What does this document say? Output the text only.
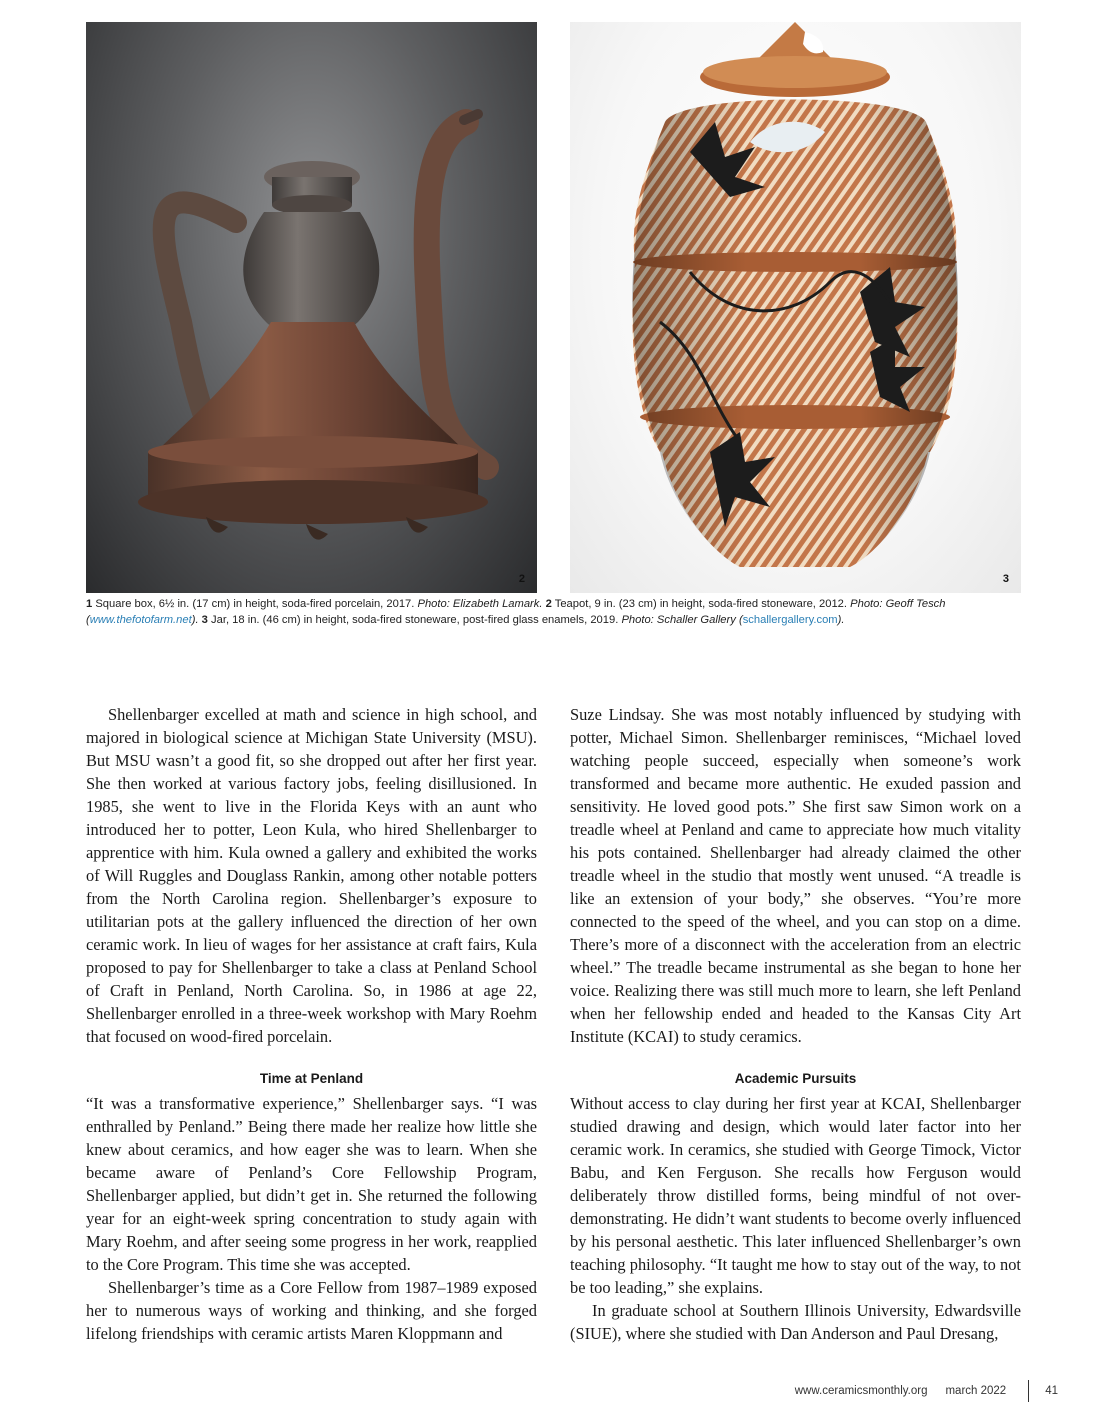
2	3
1 Square box, 6½ in. (17 cm) in height, soda-fired porcelain, 2017. Photo: Elizabeth Lamark. 2 Teapot, 9 in. (23 cm) in height, soda-fired stoneware, 2012. Photo: Geoff Tesch (www.thefotofarm.net). 3 Jar, 18 in. (46 cm) in height, soda-fired stoneware, post-fired glass enamels, 2019. Photo: Schaller Gallery (schallergallery.com).

Shellenbarger excelled at math and science in high school, and majored in biological science at Michigan State University (MSU). But MSU wasn’t a good fit, so she dropped out after her first year. She then worked at various factory jobs, feeling disillusioned. In 1985, she went to live in the Florida Keys with an aunt who introduced her to potter, Leon Kula, who hired Shellenbarger to apprentice with him. Kula owned a gallery and exhibited the works of Will Ruggles and Douglass Rankin, among other notable potters from the North Carolina region. Shellenbarger’s exposure to utilitarian pots at the gallery influenced the direction of her own ceramic work. In lieu of wages for her assistance at craft fairs, Kula proposed to pay for Shellenbarger to take a class at Penland School of Craft in Penland, North Carolina. So, in 1986 at age 22, Shellenbarger enrolled in a three-week workshop with Mary Roehm that focused on wood-fired porcelain.

Time at Penland

“It was a transformative experience,” Shellenbarger says. “I was enthralled by Penland.” Being there made her realize how little she knew about ceramics, and how eager she was to learn. When she became aware of Penland’s Core Fellowship Program, Shellenbarger applied, but didn’t get in. She returned the following year for an eight-week spring concentration to study again with Mary Roehm, and after seeing some progress in her work, reapplied to the Core Program. This time she was accepted.

Shellenbarger’s time as a Core Fellow from 1987–1989 exposed her to numerous ways of working and thinking, and she forged lifelong friendships with ceramic artists Maren Kloppmann and

Suze Lindsay. She was most notably influenced by studying with potter, Michael Simon. Shellenbarger reminisces, “Michael loved watching people succeed, especially when someone’s work transformed and became more authentic. He exuded passion and sensitivity. He loved good pots.” She first saw Simon work on a treadle wheel at Penland and came to appreciate how much vitality his pots contained. Shellenbarger had already claimed the other treadle wheel in the studio that mostly went unused. “A treadle is like an extension of your body,” she observes. “You’re more connected to the speed of the wheel, and you can stop on a dime. There’s more of a disconnect with the acceleration from an electric wheel.” The treadle became instrumental as she began to hone her voice. Realizing there was still much more to learn, she left Penland when her fellowship ended and headed to the Kansas City Art Institute (KCAI) to study ceramics.

Academic Pursuits

Without access to clay during her first year at KCAI, Shellenbarger studied drawing and design, which would later factor into her ceramic work. In ceramics, she studied with George Timock, Victor Babu, and Ken Ferguson. She recalls how Ferguson would deliberately throw distilled forms, being mindful of not over-demonstrating. He didn’t want students to become overly influenced by his personal aesthetic. This later influenced Shellenbarger’s own teaching philosophy. “It taught me how to stay out of the way, to not be too leading,” she explains.

In graduate school at Southern Illinois University, Edwardsville (SIUE), where she studied with Dan Anderson and Paul Dresang,

www.ceramicsmonthly.org march 2022	41
